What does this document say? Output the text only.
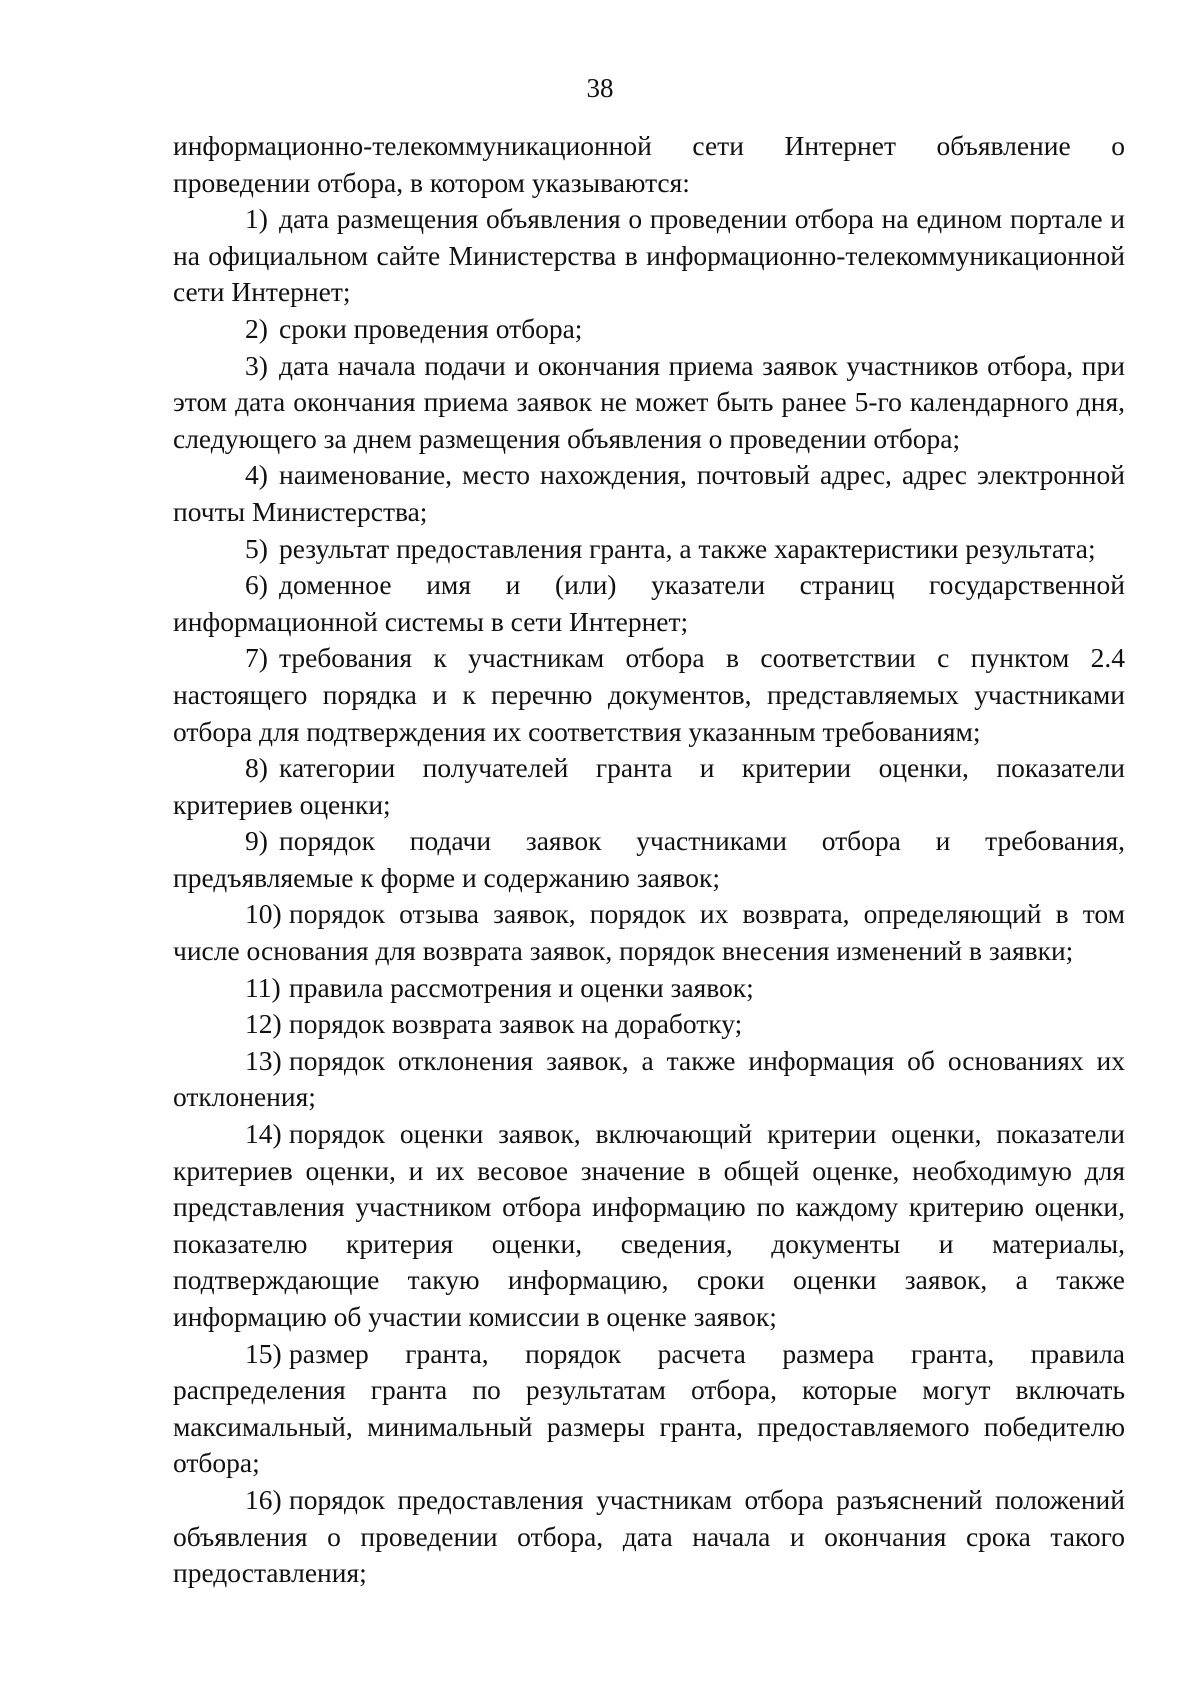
38

информационно-телекоммуникационной сети Интернет объявление о проведении отбора, в котором указываются:

1) дата размещения объявления о проведении отбора на едином портале и на официальном сайте Министерства в информационно-телекоммуникационной сети Интернет;

2) сроки проведения отбора;

3) дата начала подачи и окончания приема заявок участников отбора, при этом дата окончания приема заявок не может быть ранее 5-го календарного дня, следующего за днем размещения объявления о проведении отбора;

4) наименование, место нахождения, почтовый адрес, адрес электронной почты Министерства;

5) результат предоставления гранта, а также характеристики результата;

6) доменное имя и (или) указатели страниц государственной информационной системы в сети Интернет;

7) требования к участникам отбора в соответствии с пунктом 2.4 настоящего порядка и к перечню документов, представляемых участниками отбора для подтверждения их соответствия указанным требованиям;

8) категории получателей гранта и критерии оценки, показатели критериев оценки;

9) порядок подачи заявок участниками отбора и требования, предъявляемые к форме и содержанию заявок;

10) порядок отзыва заявок, порядок их возврата, определяющий в том числе основания для возврата заявок, порядок внесения изменений в заявки;

11) правила рассмотрения и оценки заявок;

12) порядок возврата заявок на доработку;

13) порядок отклонения заявок, а также информация об основаниях их отклонения;

14) порядок оценки заявок, включающий критерии оценки, показатели критериев оценки, и их весовое значение в общей оценке, необходимую для представления участником отбора информацию по каждому критерию оценки, показателю критерия оценки, сведения, документы и материалы, подтверждающие такую информацию, сроки оценки заявок, а также информацию об участии комиссии в оценке заявок;

15) размер гранта, порядок расчета размера гранта, правила распределения гранта по результатам отбора, которые могут включать максимальный, минимальный размеры гранта, предоставляемого победителю отбора;

16) порядок предоставления участникам отбора разъяснений положений объявления о проведении отбора, дата начала и окончания срока такого предоставления;
